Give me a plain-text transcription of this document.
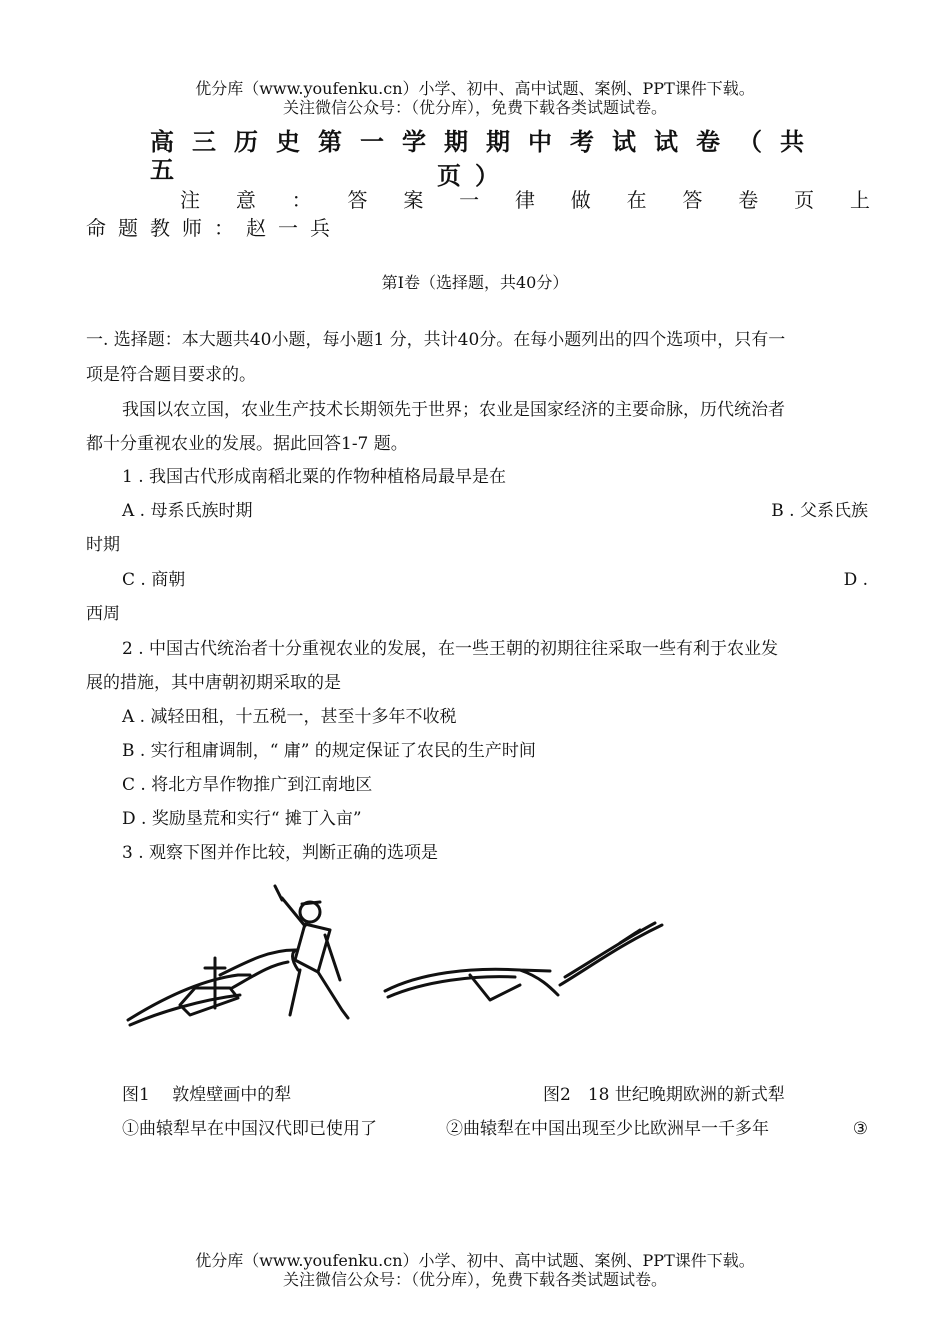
优分库（www.youfenku.cn）小学、初中、高中试题、案例、PPT课件下载。
关注微信公众号：（优分库），免费下载各类试题试卷。
高三历史第一学期期中考试试卷（共五	页）
注 意 ： 答 案 一 律 做 在 答 卷 页 上
命题教师：赵一兵
第Ⅰ卷（选择题，共40分）
一. 选择题：本大题共40小题，每小题1 分，共计40分。在每小题列出的四个选项中，只有一
项是符合题目要求的。
我国以农立国，农业生产技术长期领先于世界；农业是国家经济的主要命脉，历代统治者
都十分重视农业的发展。据此回答1-7 题。
1 . 我国古代形成南稻北粟的作物种植格局最早是在
A . 母系氏族时期	B . 父系氏族
时期
C . 商朝	D .
西周
2 . 中国古代统治者十分重视农业的发展，在一些王朝的初期往往采取一些有利于农业发
展的措施，其中唐朝初期采取的是
A . 减轻田租，十五税一，甚至十多年不收税
B . 实行租庸调制，“ 庸” 的规定保证了农民的生产时间
C . 将北方旱作物推广到江南地区
D . 奖励垦荒和实行“ 摊丁入亩”
3 . 观察下图并作比较，判断正确的选项是
图1　 敦煌壁画中的犁	图2　18 世纪晚期欧洲的新式犁
①曲辕犁早在中国汉代即已使用了	②曲辕犁在中国出现至少比欧洲早一千多年	③
优分库（www.youfenku.cn）小学、初中、高中试题、案例、PPT课件下载。
关注微信公众号：（优分库），免费下载各类试题试卷。
